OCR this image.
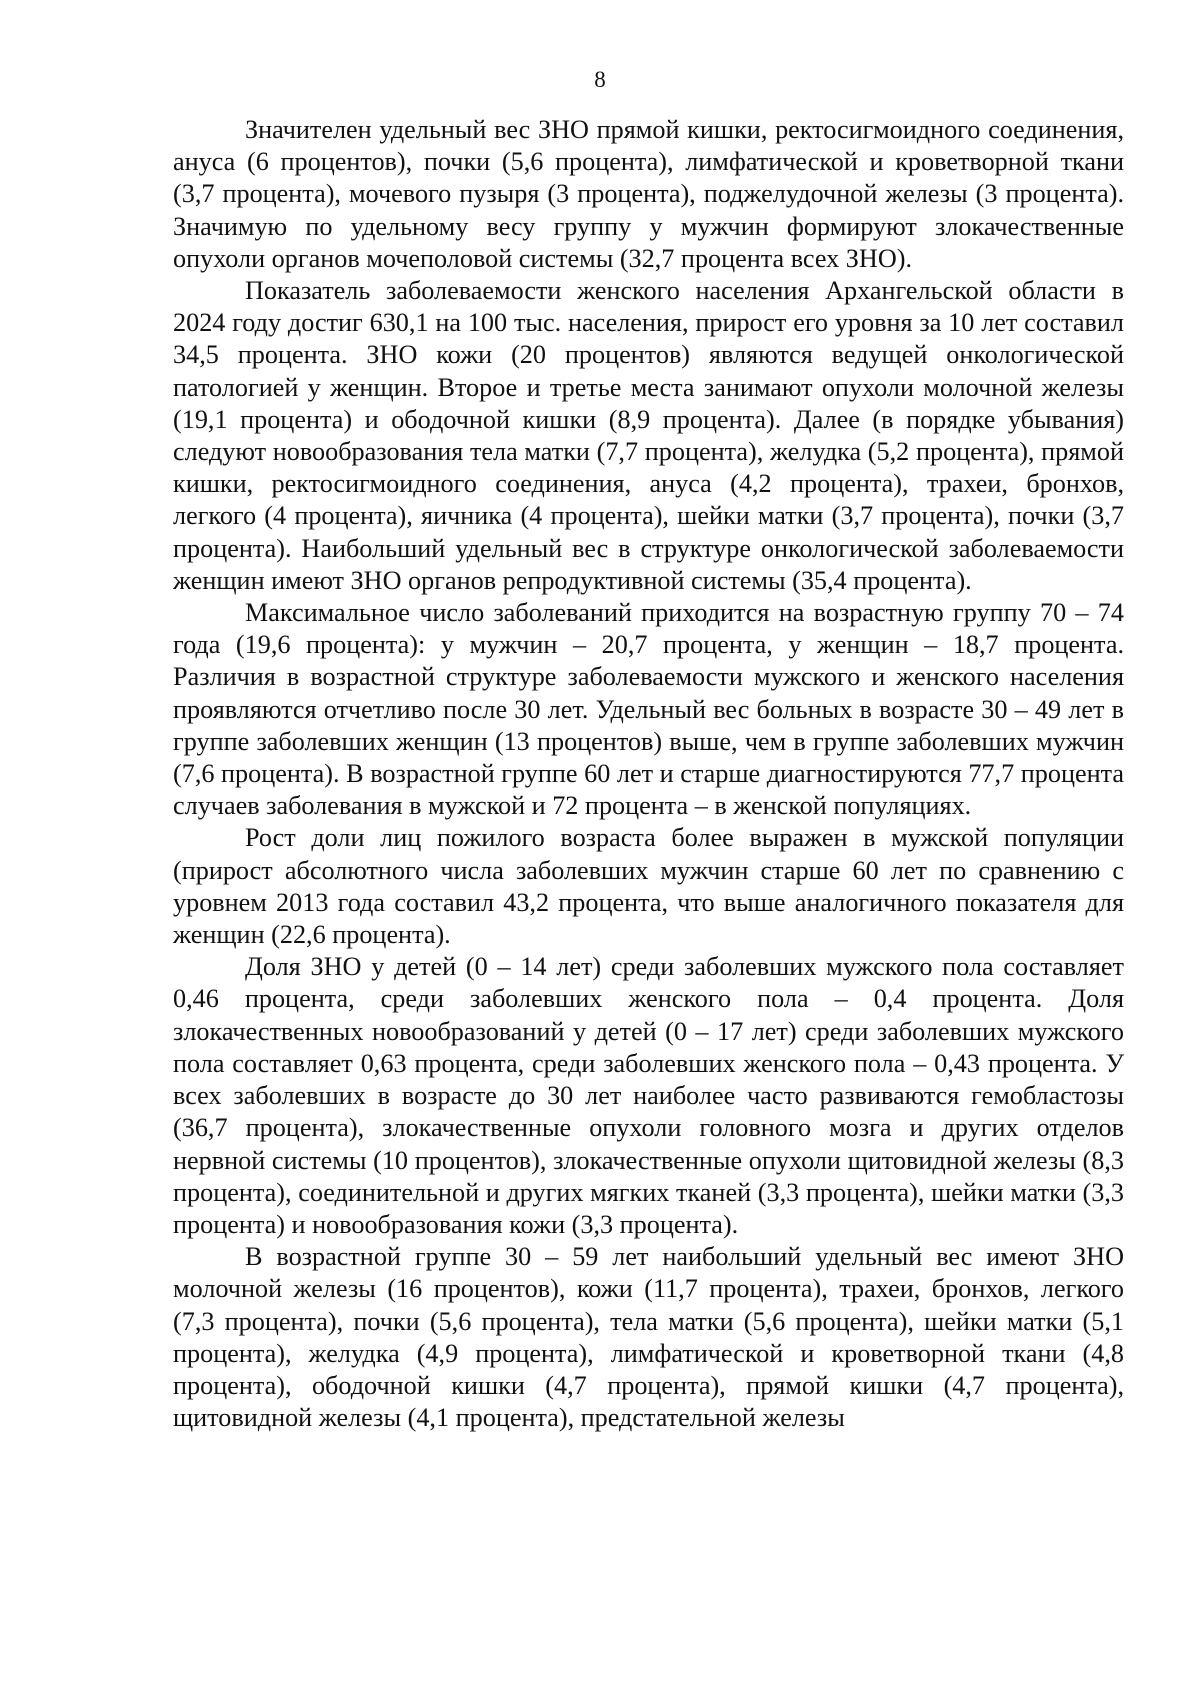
8

Значителен удельный вес ЗНО прямой кишки, ректосигмоидного соединения, ануса (6 процентов), почки (5,6 процента), лимфатической и кроветворной ткани (3,7 процента), мочевого пузыря (3 процента), поджелудочной железы (3 процента). Значимую по удельному весу группу у мужчин формируют злокачественные опухоли органов мочеполовой системы (32,7 процента всех ЗНО).

Показатель заболеваемости женского населения Архангельской области в 2024 году достиг 630,1 на 100 тыс. населения, прирост его уровня за 10 лет составил 34,5 процента. ЗНО кожи (20 процентов) являются ведущей онкологической патологией у женщин. Второе и третье места занимают опухоли молочной железы (19,1 процента) и ободочной кишки (8,9 процента). Далее (в порядке убывания) следуют новообразования тела матки (7,7 процента), желудка (5,2 процента), прямой кишки, ректосигмоидного соединения, ануса (4,2 процента), трахеи, бронхов, легкого (4 процента), яичника (4 процента), шейки матки (3,7 процента), почки (3,7 процента). Наибольший удельный вес в структуре онкологической заболеваемости женщин имеют ЗНО органов репродуктивной системы (35,4 процента).

Максимальное число заболеваний приходится на возрастную группу 70 – 74 года (19,6 процента): у мужчин – 20,7 процента, у женщин – 18,7 процента. Различия в возрастной структуре заболеваемости мужского и женского населения проявляются отчетливо после 30 лет. Удельный вес больных в возрасте 30 – 49 лет в группе заболевших женщин (13 процентов) выше, чем в группе заболевших мужчин (7,6 процента). В возрастной группе 60 лет и старше диагностируются 77,7 процента случаев заболевания в мужской и 72 процента – в женской популяциях.

Рост доли лиц пожилого возраста более выражен в мужской популяции (прирост абсолютного числа заболевших мужчин старше 60 лет по сравнению с уровнем 2013 года составил 43,2 процента, что выше аналогичного показателя для женщин (22,6 процента).

Доля ЗНО у детей (0 – 14 лет) среди заболевших мужского пола составляет 0,46 процента, среди заболевших женского пола – 0,4 процента. Доля злокачественных новообразований у детей (0 – 17 лет) среди заболевших мужского пола составляет 0,63 процента, среди заболевших женского пола – 0,43 процента. У всех заболевших в возрасте до 30 лет наиболее часто развиваются гемобластозы (36,7 процента), злокачественные опухоли головного мозга и других отделов нервной системы (10 процентов), злокачественные опухоли щитовидной железы (8,3 процента), соединительной и других мягких тканей (3,3 процента), шейки матки (3,3 процента) и новообразования кожи (3,3 процента).

В возрастной группе 30 – 59 лет наибольший удельный вес имеют ЗНО молочной железы (16 процентов), кожи (11,7 процента), трахеи, бронхов, легкого (7,3 процента), почки (5,6 процента), тела матки (5,6 процента), шейки матки (5,1 процента), желудка (4,9 процента), лимфатической и кроветворной ткани (4,8 процента), ободочной кишки (4,7 процента), прямой кишки (4,7 процента), щитовидной железы (4,1 процента), предстательной железы
